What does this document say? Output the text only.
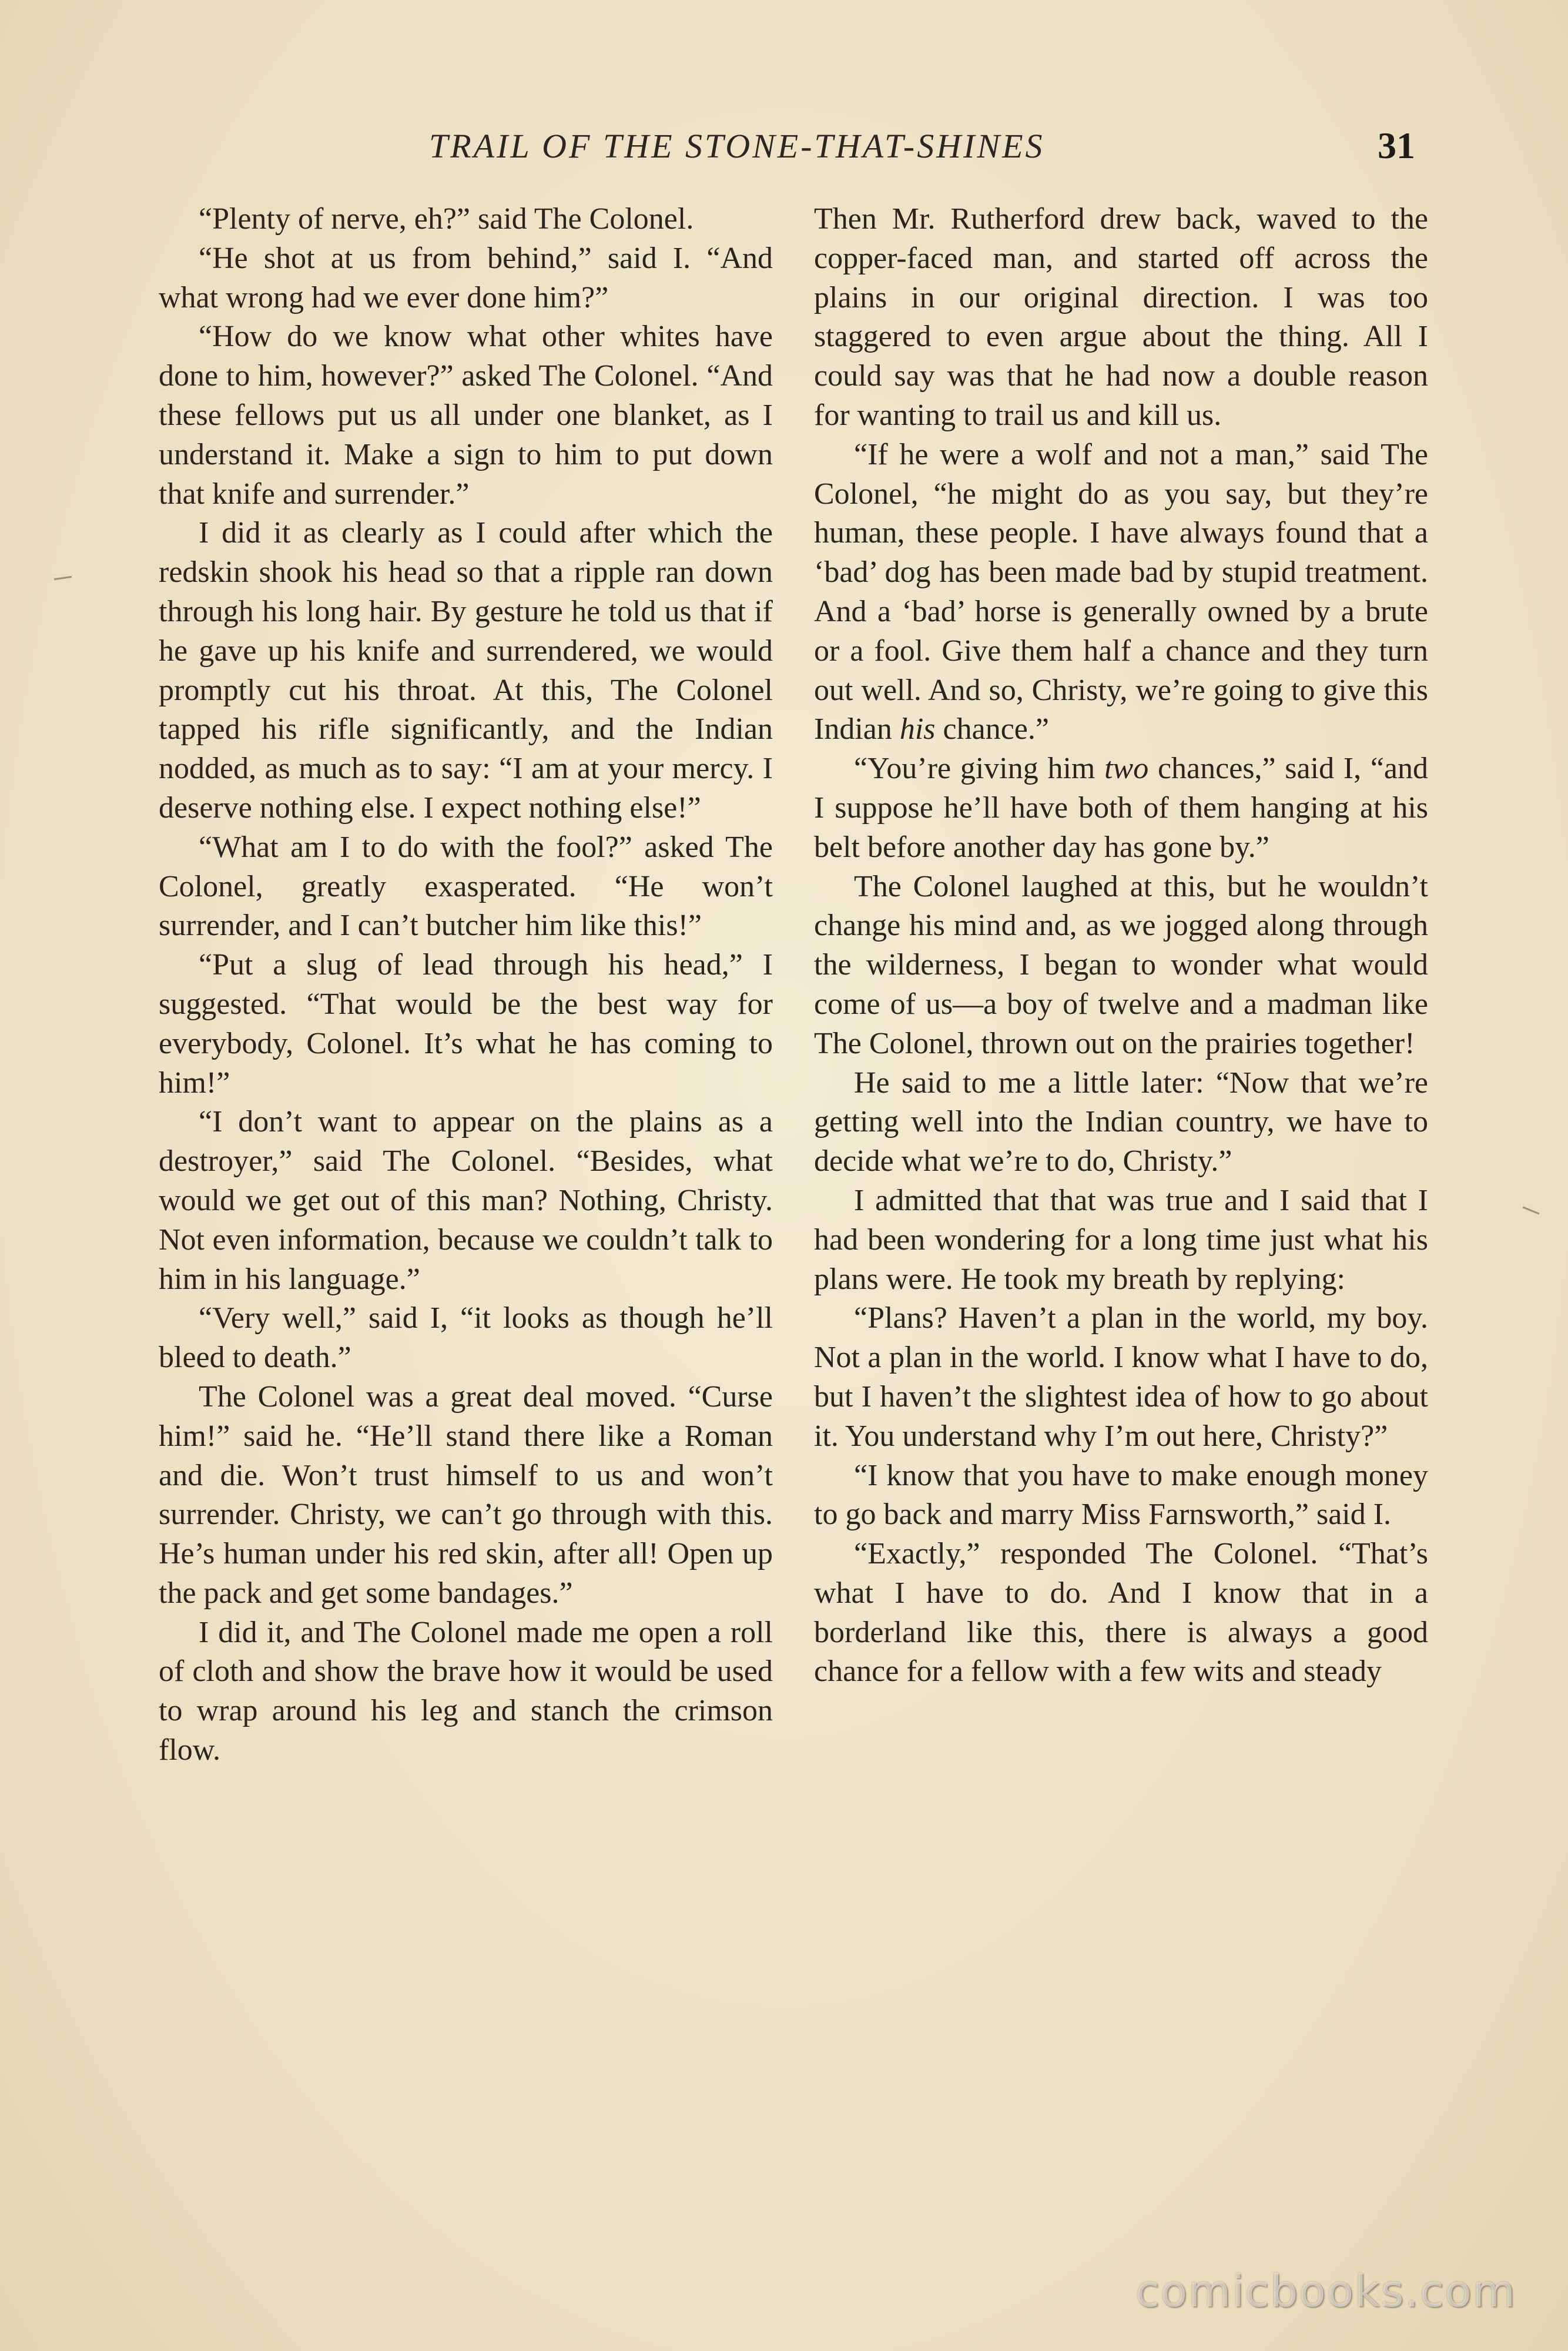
TRAIL OF THE STONE-THAT-SHINES	31

“Plenty of nerve, eh?” said The Colonel.

“He shot at us from behind,” said I. “And what wrong had we ever done him?”

“How do we know what other whites have done to him, however?” asked The Colonel. “And these fellows put us all under one blanket, as I understand it. Make a sign to him to put down that knife and surrender.”

I did it as clearly as I could after which the redskin shook his head so that a ripple ran down through his long hair. By gesture he told us that if he gave up his knife and surrendered, we would promptly cut his throat. At this, The Colonel tapped his rifle significantly, and the Indian nodded, as much as to say: “I am at your mercy. I deserve nothing else. I expect nothing else!”

“What am I to do with the fool?” asked The Colonel, greatly exasperated. “He won’t surrender, and I can’t butcher him like this!”

“Put a slug of lead through his head,” I suggested. “That would be the best way for everybody, Colonel. It’s what he has coming to him!”

“I don’t want to appear on the plains as a destroyer,” said The Colonel. “Besides, what would we get out of this man? Nothing, Christy. Not even information, because we couldn’t talk to him in his language.”

“Very well,” said I, “it looks as though he’ll bleed to death.”

The Colonel was a great deal moved. “Curse him!” said he. “He’ll stand there like a Roman and die. Won’t trust himself to us and won’t surrender. Christy, we can’t go through with this. He’s human under his red skin, after all! Open up the pack and get some bandages.”

I did it, and The Colonel made me open a roll of cloth and show the brave how it would be used to wrap around his leg and stanch the crimson flow.

Then Mr. Rutherford drew back, waved to the copper-faced man, and started off across the plains in our original direction. I was too staggered to even argue about the thing. All I could say was that he had now a double reason for wanting to trail us and kill us.

“If he were a wolf and not a man,” said The Colonel, “he might do as you say, but they’re human, these people. I have always found that a ‘bad’ dog has been made bad by stupid treatment. And a ‘bad’ horse is generally owned by a brute or a fool. Give them half a chance and they turn out well. And so, Christy, we’re going to give this Indian his chance.”

“You’re giving him two chances,” said I, “and I suppose he’ll have both of them hanging at his belt before another day has gone by.”

The Colonel laughed at this, but he wouldn’t change his mind and, as we jogged along through the wilderness, I began to wonder what would come of us—a boy of twelve and a madman like The Colonel, thrown out on the prairies together!

He said to me a little later: “Now that we’re getting well into the Indian country, we have to decide what we’re to do, Christy.”

I admitted that that was true and I said that I had been wondering for a long time just what his plans were. He took my breath by replying:

“Plans? Haven’t a plan in the world, my boy. Not a plan in the world. I know what I have to do, but I haven’t the slightest idea of how to go about it. You understand why I’m out here, Christy?”

“I know that you have to make enough money to go back and marry Miss Farnsworth,” said I.

“Exactly,” responded The Colonel. “That’s what I have to do. And I know that in a borderland like this, there is always a good chance for a fellow with a few wits and steady

comicbooks.com
